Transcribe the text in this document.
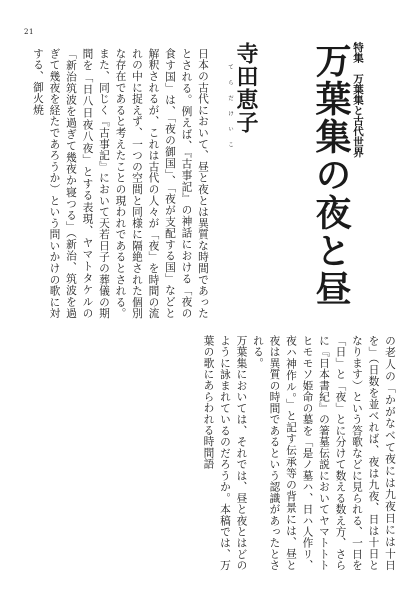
21
特集　万葉集と古代世界
万葉集の夜と昼
寺田恵子
てらだけいこ

日本の古代において、昼と夜とは異質な時間であったとされる。例えば、『古事記』の神話における「夜の食す国」は、「夜の御国」、「夜が支配する国」などと解釈されるが、これは古代の人々が「夜」を時間の流れの中に捉えず、一つの空間と同様に隔絶された個別な存在であると考えたことの現われであるとされる。また、同じく『古事記』において天若日子の葬儀の期間を「日八日夜八夜」とする表現、ヤマトタケルの「新治筑波を過ぎて幾夜か寝つる」（新治、筑波を過ぎて幾夜を経たであろうか）という問いかけの歌に対する、御火焼

の老人の「かがなべて夜には九夜日には十日を」（日数を並べれば、夜は九夜、日は十日となります）という答歌などに見られる、一日を「日」と「夜」とに分けて数える数え方、さらに『日本書紀』の箸墓伝説においてヤマトトトヒモモソ姫命の墓を「是ノ墓ハ、日ハ人作リ、夜ハ神作ル。」と記す伝承等の背景には、昼と夜は異質の時間であるという認識があったとされる。

万葉集においては、それでは、昼と夜とはどのように詠まれているのだろうか。本稿では、万葉の歌にあらわれる時間語
